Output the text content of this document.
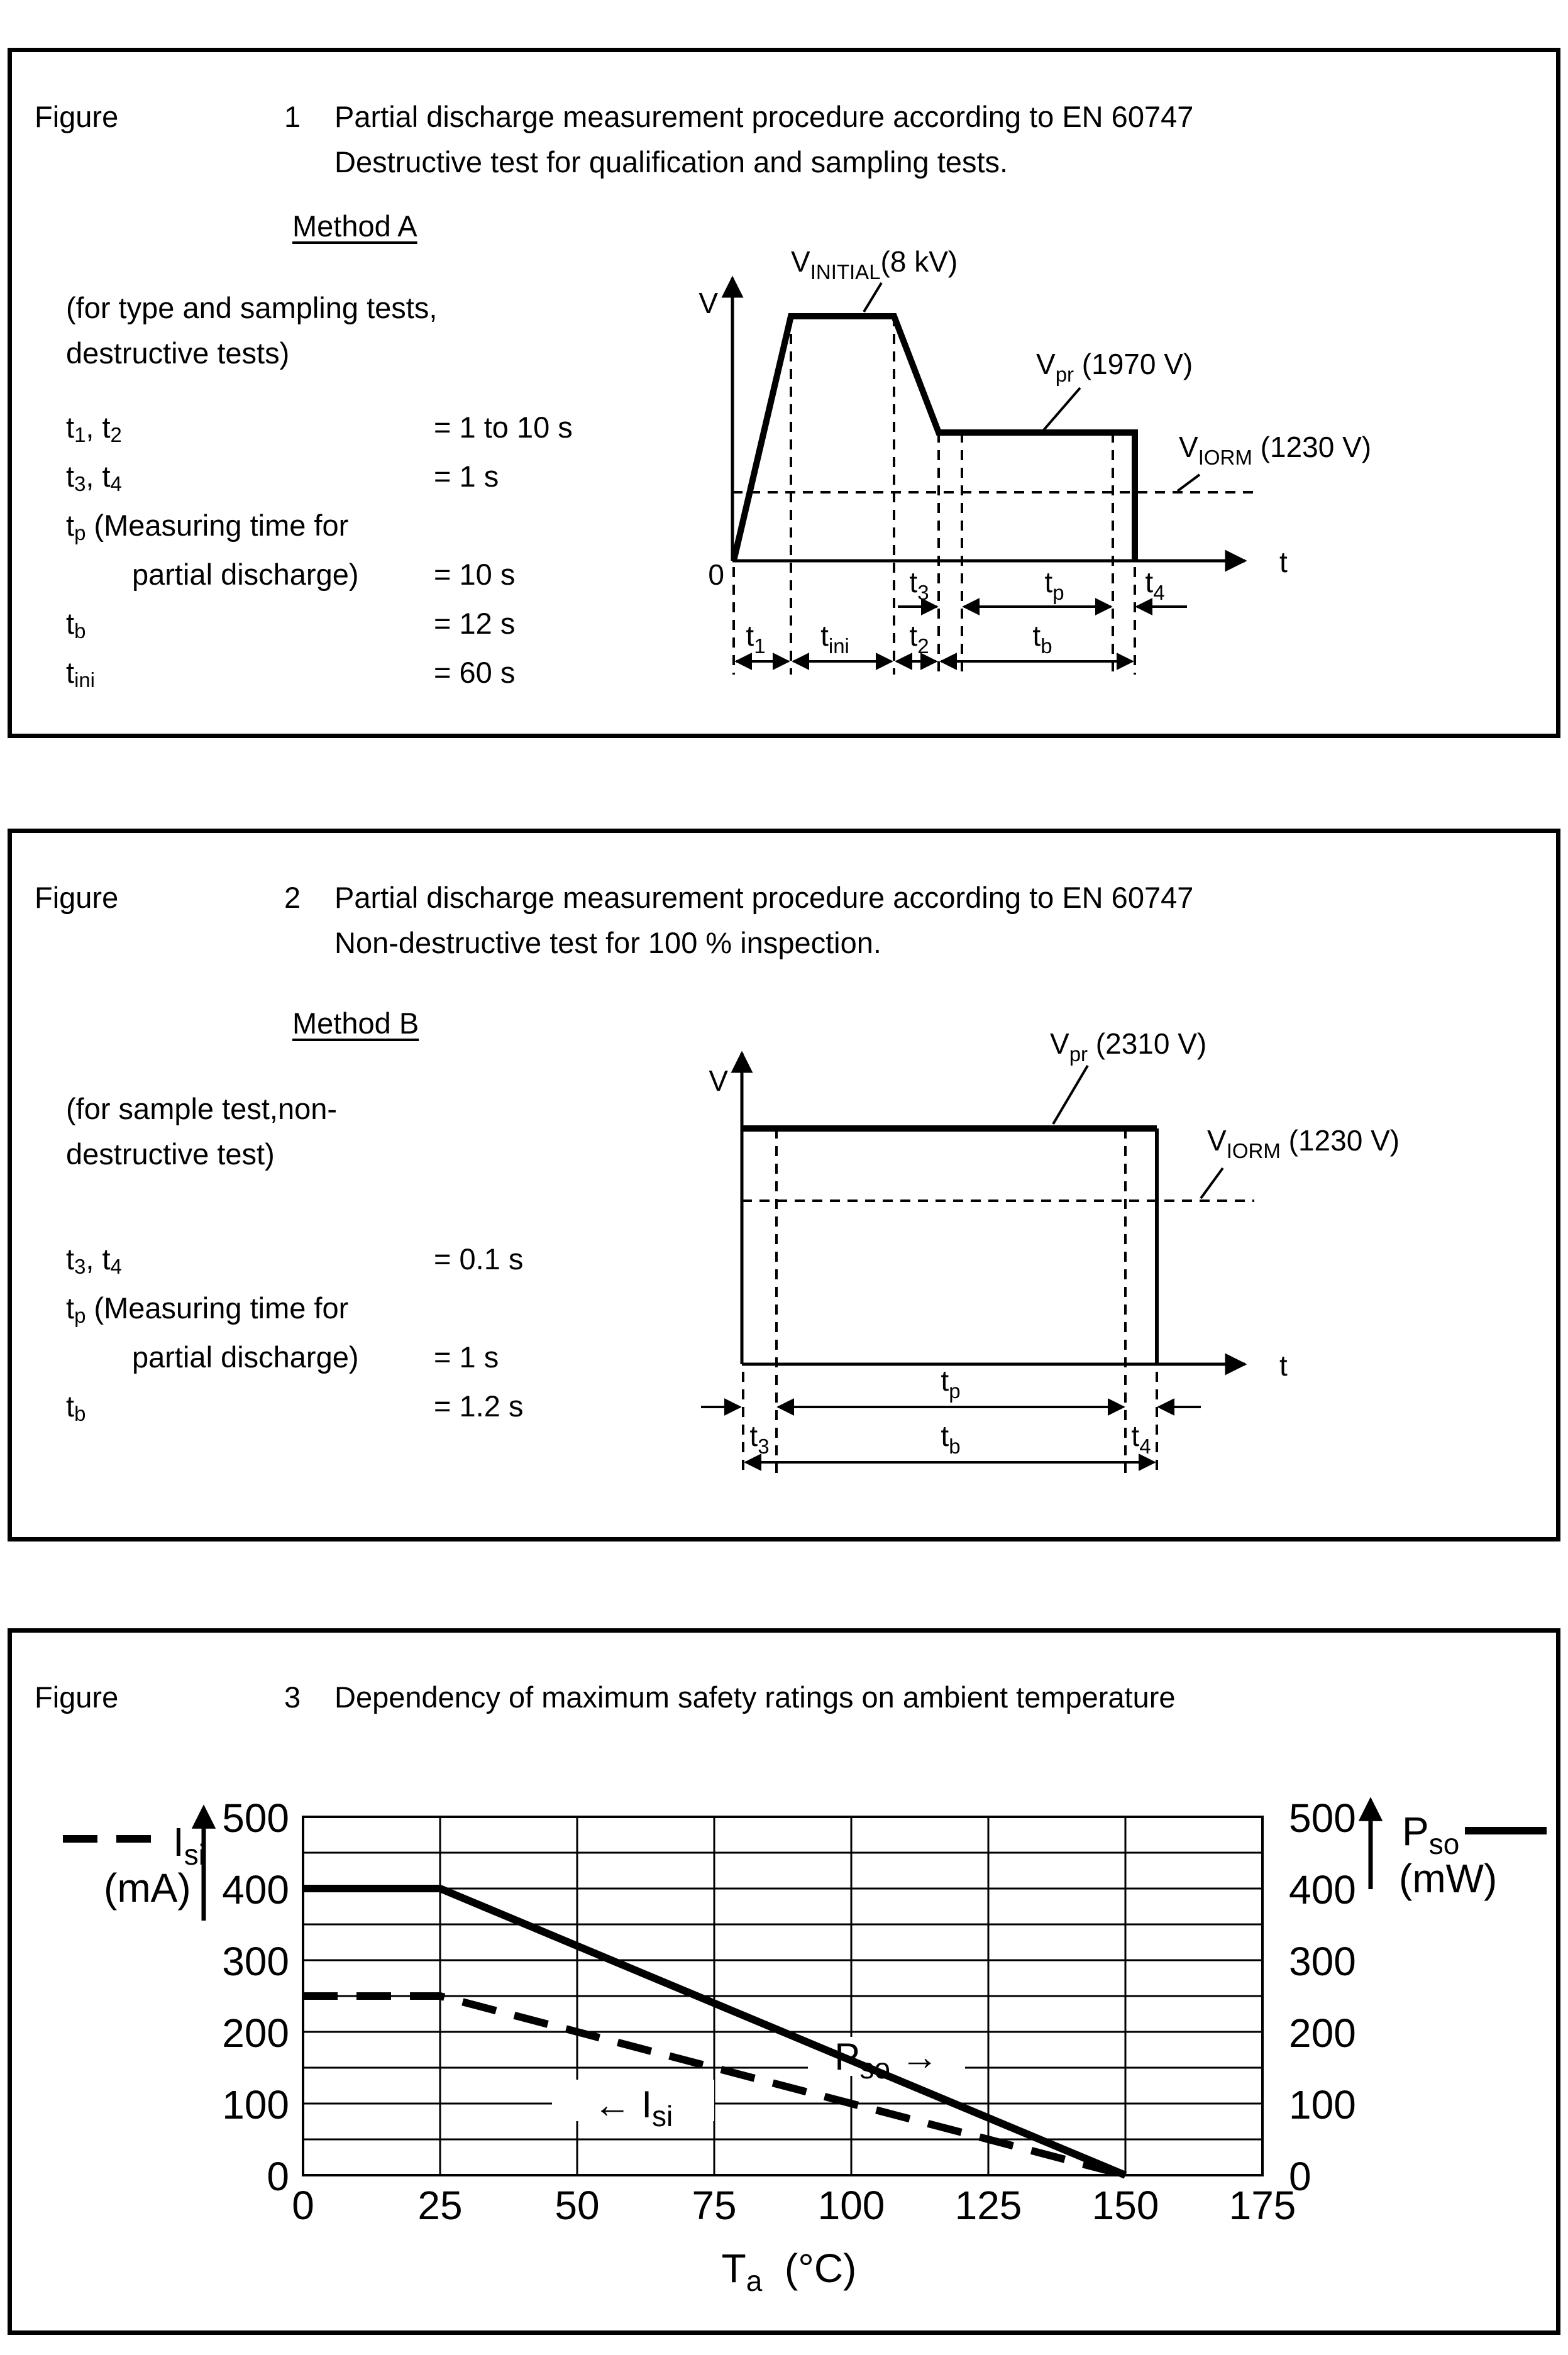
Figure	1 Partial discharge measurement procedure according to EN 60747
Destructive test for qualification and sampling tests.
Method A
(for type and sampling tests,
destructive tests)
t1, t2	= 1 to 10 s
t3, t4	= 1 s
tp (Measuring time for
partial discharge)	= 10 s
tb	= 12 s
tini	= 60 s
V
t
0
$V_{INITIAL}(8$ kV)
$V_{pr}$ (1970 V)
$V_{IORM}$ (1230 V)
$t_3$	$t_p$	$t_4$
$t_1$ $t_{ini}$ $t_2$	$t_b$
Figure	2 Partial discharge measurement procedure according to EN 60747
Non-destructive test for 100 % inspection.
Method B
(for sample test,non-
destructive test)
t3, t4	= 0.1 s
tp (Measuring time for
partial discharge)	= 1 s
tb	= 1.2 s
V
t
$V_{pr}$ (2310 V)
$V_{IORM}$ (1230 V)
$t_p$
$t_3$	$t_b$	$t_4$
Figure	3 Dependency of maximum safety ratings on ambient temperature
← $I_{si}$
$P_{so}$ →
500
400
300
200
100
0
500
400
300
200
100
0
0	25 50 75 100 125 150 175
$T_a$ (°C)
$I_{si}$
(mA)
$P_{so}$
(mW)
